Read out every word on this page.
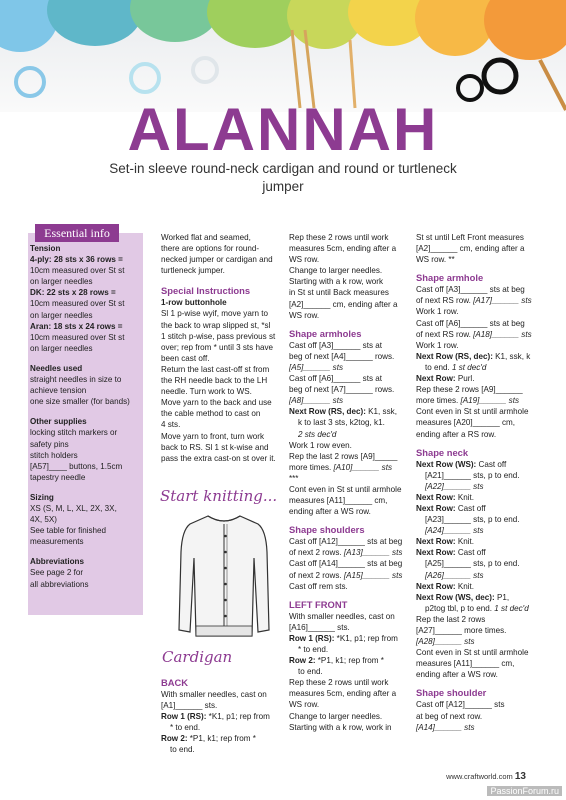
ALANNAH
Set-in sleeve round-neck cardigan and round or turtleneck jumper
Essential info

Tension

4-ply: 28 sts x 36 rows =

10cm measured over St st

on larger needles

DK: 22 sts x 28 rows =

10cm measured over St st

on larger needles

Aran: 18 sts x 24 rows =

10cm measured over St st

on larger needles

Needles used

straight needles in size to

achieve tension

one size smaller (for bands)

Other supplies

locking stitch markers or

safety pins

stitch holders

[A57]____ buttons, 1.5cm

tapestry needle

Sizing

XS (S, M, L, XL, 2X, 3X,

4X, 5X)

See table for finished

measurements

Abbreviations

See page 2 for

all abbreviations

Worked flat and seamed,

there are options for round-

necked jumper or cardigan and

turtleneck jumper.

Special Instructions

1-row buttonhole

Sl 1 p-wise wyif, move yarn to

the back to wrap slipped st, *sl

1 stitch p-wise, pass previous st

over; rep from * until 3 sts have

been cast off.

Return the last cast-off st from

the RH needle back to the LH

needle. Turn work to WS.

Move yarn to the back and use

the cable method to cast on

4 sts.

Move yarn to front, turn work

back to RS. Sl 1 st k-wise and

pass the extra cast-on st over it.

Start knitting...
Cardigan

BACK

With smaller needles, cast on

[A1]______ sts.

Row 1 (RS): *K1, p1; rep from

* to end.

Row 2: *P1, k1; rep from *

to end.

Rep these 2 rows until work

measures 5cm, ending after a

WS row.

Change to larger needles.

Starting with a k row, work

in St st until Back measures

[A2]______ cm, ending after a

WS row.

Shape armholes

Cast off [A3]______ sts at

beg of next [A4]______ rows.

[A5]______ sts

Cast off [A6]______ sts at

beg of next [A7]______ rows.

[A8]______ sts

Next Row (RS, dec): K1, ssk,

k to last 3 sts, k2tog, k1.

2 sts dec'd

Work 1 row even.

Rep the last 2 rows [A9]_____

more times. [A10]______ sts

***

Cont even in St st until armhole

measures [A11]______ cm,

ending after a WS row.

Shape shoulders

Cast off [A12]______ sts at beg

of next 2 rows. [A13]______ sts

Cast off [A14]______ sts at beg

of next 2 rows. [A15]______ sts

Cast off rem sts.

LEFT FRONT

With smaller needles, cast on

[A16]______ sts.

Row 1 (RS): *K1, p1; rep from

* to end.

Row 2: *P1, k1; rep from *

to end.

Rep these 2 rows until work

measures 5cm, ending after a

WS row.

Change to larger needles.

Starting with a k row, work in

St st until Left Front measures

[A2]______ cm, ending after a

WS row. **

Shape armhole

Cast off [A3]______ sts at beg

of next RS row. [A17]______ sts

Work 1 row.

Cast off [A6]______ sts at beg

of next RS row. [A18]______ sts

Work 1 row.

Next Row (RS, dec): K1, ssk, k

to end. 1 st dec'd

Next Row: Purl.

Rep these 2 rows [A9]______

more times. [A19]______ sts

Cont even in St st until armhole

measures [A20]______ cm,

ending after a RS row.

Shape neck

Next Row (WS): Cast off

[A21]______ sts, p to end.

[A22]______ sts

Next Row: Knit.

Next Row: Cast off

[A23]______ sts, p to end.

[A24]______ sts

Next Row: Knit.

Next Row: Cast off

[A25]______ sts, p to end.

[A26]______ sts

Next Row: Knit.

Next Row (WS, dec): P1,

p2tog tbl, p to end. 1 st dec'd

Rep the last 2 rows

[A27]______ more times.

[A28]______ sts

Cont even in St st until armhole

measures [A11]______ cm,

ending after a WS row.

Shape shoulder

Cast off [A12]______ sts

at beg of next row.

[A14]______ sts

www.craftworld.com 13
PassionForum.ru
